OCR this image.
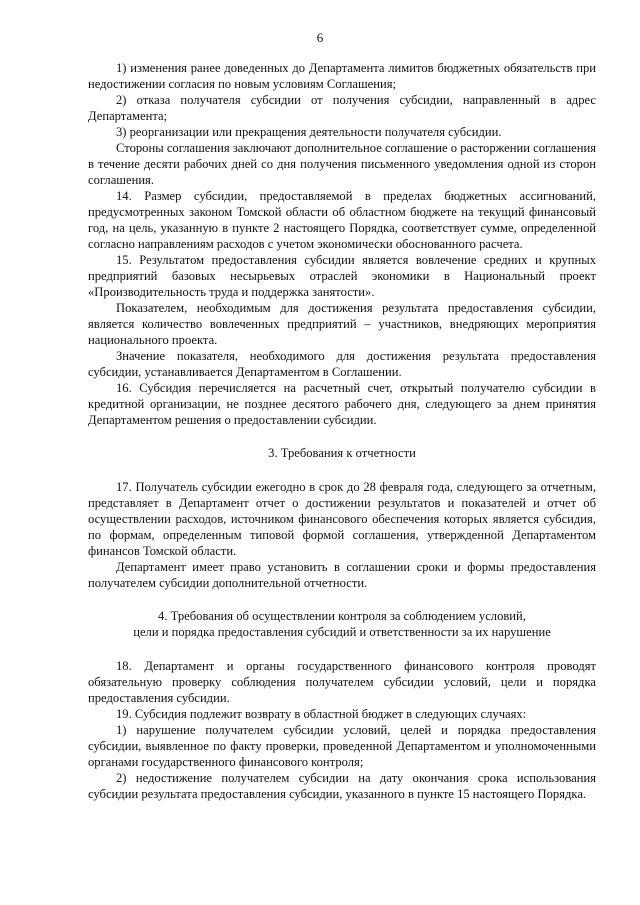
6

1) изменения ранее доведенных до Департамента лимитов бюджетных обязательств при недостижении согласия по новым условиям Соглашения;

2) отказа получателя субсидии от получения субсидии, направленный в адрес Департамента;

3) реорганизации или прекращения деятельности получателя субсидии.

Стороны соглашения заключают дополнительное соглашение о расторжении соглашения в течение десяти рабочих дней со дня получения письменного уведомления одной из сторон соглашения.

14. Размер субсидии, предоставляемой в пределах бюджетных ассигнований, предусмотренных законом Томской области об областном бюджете на текущий финансовый год, на цель, указанную в пункте 2 настоящего Порядка, соответствует сумме, определенной согласно направлениям расходов с учетом экономически обоснованного расчета.

15. Результатом предоставления субсидии является вовлечение средних и крупных предприятий базовых несырьевых отраслей экономики в Национальный проект «Производительность труда и поддержка занятости».

Показателем, необходимым для достижения результата предоставления субсидии, является количество вовлеченных предприятий – участников, внедряющих мероприятия национального проекта.

Значение показателя, необходимого для достижения результата предоставления субсидии, устанавливается Департаментом в Соглашении.

16. Субсидия перечисляется на расчетный счет, открытый получателю субсидии в кредитной организации, не позднее десятого рабочего дня, следующего за днем принятия Департаментом решения о предоставлении субсидии.

3. Требования к отчетности

17. Получатель субсидии ежегодно в срок до 28 февраля года, следующего за отчетным, представляет в Департамент отчет о достижении результатов и показателей и отчет об осуществлении расходов, источником финансового обеспечения которых является субсидия, по формам, определенным типовой формой соглашения, утвержденной Департаментом финансов Томской области.

Департамент имеет право установить в соглашении сроки и формы предоставления получателем субсидии дополнительной отчетности.

4. Требования об осуществлении контроля за соблюдением условий,
цели и порядка предоставления субсидий и ответственности за их нарушение

18. Департамент и органы государственного финансового контроля проводят обязательную проверку соблюдения получателем субсидии условий, цели и порядка предоставления субсидии.

19. Субсидия подлежит возврату в областной бюджет в следующих случаях:

1) нарушение получателем субсидии условий, целей и порядка предоставления субсидии, выявленное по факту проверки, проведенной Департаментом и уполномоченными органами государственного финансового контроля;

2) недостижение получателем субсидии на дату окончания срока использования субсидии результата предоставления субсидии, указанного в пункте 15 настоящего Порядка.
